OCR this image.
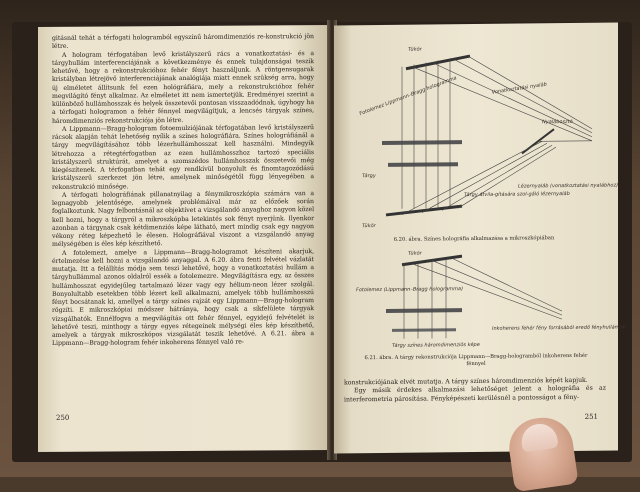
gitásnál tehát a térfogati hologramból egyszínű háromdimenziós re-konstrukció jön létre.

A hologram térfogatában levő kristályszerű rács a vonatkoztatási- és a tárgyhullám interferenciájának a következménye és ennek tulajdonságai teszik lehetővé, hogy a rekonstrukcióhoz fehér fényt használjunk. A röntgensugarak kristályban létrejövő interferenciájának analógiája miatt ennek szükség arra, hogy új elméletet állítsunk fel ezen hológráfiára, mely a rekonstrukcióhoz fehér megvilágító fényt alkalmaz. Az elméletet itt nem ismertetjük. Eredményei szerint a különböző hullámhosszak és helyek összetevői pontosan visszaadódnak, úgyhogy ha a térfogati hologramon a fehér fénnyel megvilágítjuk, a lencsés tárgyak színes, háromdimenziós rekonstrukciója jön létre.

A Lippmann—Bragg-hologram fotoemulziójának térfogatában levő kristályszerű rácsok alapján tehát lehetőség nyílik a színes holográfiára. Színes holográfiánál a tárgy megvilágításához több lézerhullámhosszat kell használni. Mindegyik létrehozza a rétegtérfogatban az ezen hullámhosszhoz tartozó speciális kristályszerű struktúrát, amelyet a szomszédos hullámhosszak összetevői még kiegészítenek. A térfogatban tehát egy rendkívül bonyolult és finomtagozódású kristályszerű szerkezet jön létre, amelynek minőségétől függ lényegében a rekonstrukció minősége.

A térfogati holográfiának pillanatnyilag a fénymikroszkópia számára van a legnagyobb jelentősége, amelynek problémáival már az előzőek során foglalkoztunk. Nagy felbontásnál az objektívet a vizsgálandó anyaghoz nagyon közel kell hozni, hogy a tárgyról a mikroszkópba letekintés sok fényt nyerjünk. Ilyenkor azonban a tárgynak csak kétdimenziós képe látható, mert mindig csak egy nagyon vékony réteg képezhető le élesen. Holográfiával viszont a vizsgálandó anyag mélységében is éles kép készíthető.

A fotolemezt, amelye a Lippmann—Bragg-hologramot készíteni akarjuk, értelmezése kell hozni a vizsgálandó anyaggal. A 6.20. ábra fenti felvétel vázlatát mutatja. Itt a felállítás módja sem teszi lehetővé, hogy a vonatkoztatási hullám a tárgyhullámmal azonos oldalról essék a fotolemezre. Megvilágításra egy, az összes hullámhosszat egyidejűleg tartalmazó lézer vagy egy hélium-neon lézer szolgál. Bonyolultabb esetekben több lézert kell alkalmazni, amelyek több hullámhosszú fényt bocsátanak ki, amellyel a tárgy színes rajzát egy Lippmann—Bragg-hologram rögzíti. E mikroszkópiai módszer hátránya, hogy csak a síkfelülete tárgyak vizsgálhatók. Ennélfogva a megvilágítás ott fehér fénnyel, egyidejű felvételét is lehetővé teszi, minthogy a tárgy egyes rétegeinek mélységi éles kép készíthető, amelyek a tárgyak mikroszkópos vizsgálatát teszik lehetővé. A 6.21. ábra a Lippmann—Bragg-hologram fehér inkoherens fénnyel való re-

250
Tükör
Vonatkoztatási nyaláb
Fotolemez Lippmann–Bragg hologramma
Nyalábosztó
Tárgy
Tárgy átvila-gítására szol-gáló lézernyaláb
Lézernyaláb (vonatkoztatási nyalábhoz)
Tükör
6.20. ábra. Színes holográfia alkalmazása a mikroszkópiában
Tükör
Fotolemez (Lippmann–Bragg hologramma)
Inkoherens fehér fény forrásából eredő fényhullámok
Tárgy színes háromdimenziós képe
6.21. ábra. A tárgy rekonstrukciója Lippmann—Bragg-hologramból inkoherens fehér fénnyel

konstrukciójának elvét mutatja. A tárgy színes háromdimenziós képét kapjuk.

Egy másik érdekes alkalmazási lehetőséget jelent a holográfia és az interferometria párosítása. Fényképészeti kerülésnél a pontosságot a fény-

251
